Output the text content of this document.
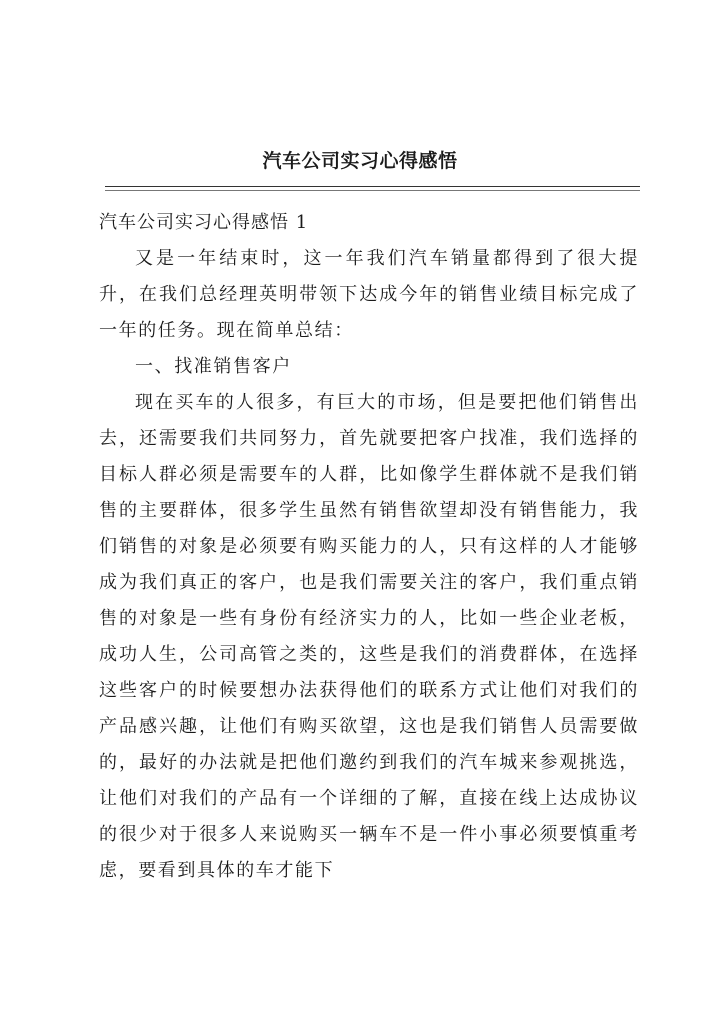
汽车公司实习心得感悟

汽车公司实习心得感悟 1

又是一年结束时，这一年我们汽车销量都得到了很大提升，在我们总经理英明带领下达成今年的销售业绩目标完成了一年的任务。现在简单总结：

一、找准销售客户

现在买车的人很多，有巨大的市场，但是要把他们销售出去，还需要我们共同努力，首先就要把客户找准，我们选择的目标人群必须是需要车的人群，比如像学生群体就不是我们销售的主要群体，很多学生虽然有销售欲望却没有销售能力，我们销售的对象是必须要有购买能力的人，只有这样的人才能够成为我们真正的客户，也是我们需要关注的客户，我们重点销售的对象是一些有身份有经济实力的人，比如一些企业老板，成功人生，公司高管之类的，这些是我们的消费群体，在选择这些客户的时候要想办法获得他们的联系方式让他们对我们的产品感兴趣，让他们有购买欲望，这也是我们销售人员需要做的，最好的办法就是把他们邀约到我们的汽车城来参观挑选，让他们对我们的产品有一个详细的了解，直接在线上达成协议的很少对于很多人来说购买一辆车不是一件小事必须要慎重考虑，要看到具体的车才能下
